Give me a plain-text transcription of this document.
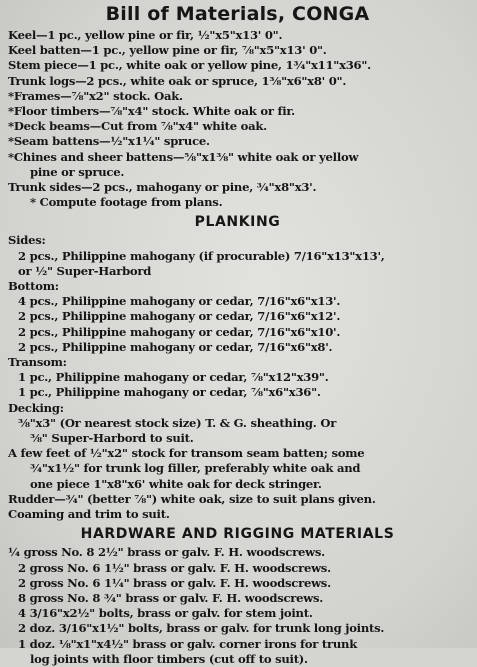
Bill of Materials, CONGA
Keel—1 pc., yellow pine or fir, ½"x5"x13' 0".
Keel batten—1 pc., yellow pine or fir, ⅞"x5"x13' 0".
Stem piece—1 pc., white oak or yellow pine, 1¾"x11"x36".
Trunk logs—2 pcs., white oak or spruce, 1⅜"x6"x8' 0".
*Frames—⅞"x2" stock. Oak.
*Floor timbers—⅞"x4" stock. White oak or fir.
*Deck beams—Cut from ⅞"x4" white oak.
*Seam battens—½"x1¼" spruce.
*Chines and sheer battens—⅝"x1⅜" white oak or yellow
pine or spruce.
Trunk sides—2 pcs., mahogany or pine, ¾"x8"x3'.
* Compute footage from plans.
PLANKING
Sides:
2 pcs., Philippine mahogany (if procurable) 7/16"x13"x13',
or ½" Super-Harbord
Bottom:
4 pcs., Philippine mahogany or cedar, 7/16"x6"x13'.
2 pcs., Philippine mahogany or cedar, 7/16"x6"x12'.
2 pcs., Philippine mahogany or cedar, 7/16"x6"x10'.
2 pcs., Philippine mahogany or cedar, 7/16"x6"x8'.
Transom:
1 pc., Philippine mahogany or cedar, ⅞"x12"x39".
1 pc., Philippine mahogany or cedar, ⅞"x6"x36".
Decking:
⅜"x3" (Or nearest stock size) T. & G. sheathing. Or
⅜" Super-Harbord to suit.
A few feet of ½"x2" stock for transom seam batten; some
¾"x1½" for trunk log filler, preferably white oak and
one piece 1"x8"x6' white oak for deck stringer.
Rudder—¾" (better ⅞") white oak, size to suit plans given.
Coaming and trim to suit.
HARDWARE AND RIGGING MATERIALS
¼ gross No. 8 2½" brass or galv. F. H. woodscrews.
2 gross No. 6 1½" brass or galv. F. H. woodscrews.
2 gross No. 6 1¼" brass or galv. F. H. woodscrews.
8 gross No. 8 ¾" brass or galv. F. H. woodscrews.
4 3/16"x2½" bolts, brass or galv. for stem joint.
2 doz. 3/16"x1½" bolts, brass or galv. for trunk long joints.
1 doz. ⅛"x1"x4½" brass or galv. corner irons for trunk
log joints with floor timbers (cut off to suit).
